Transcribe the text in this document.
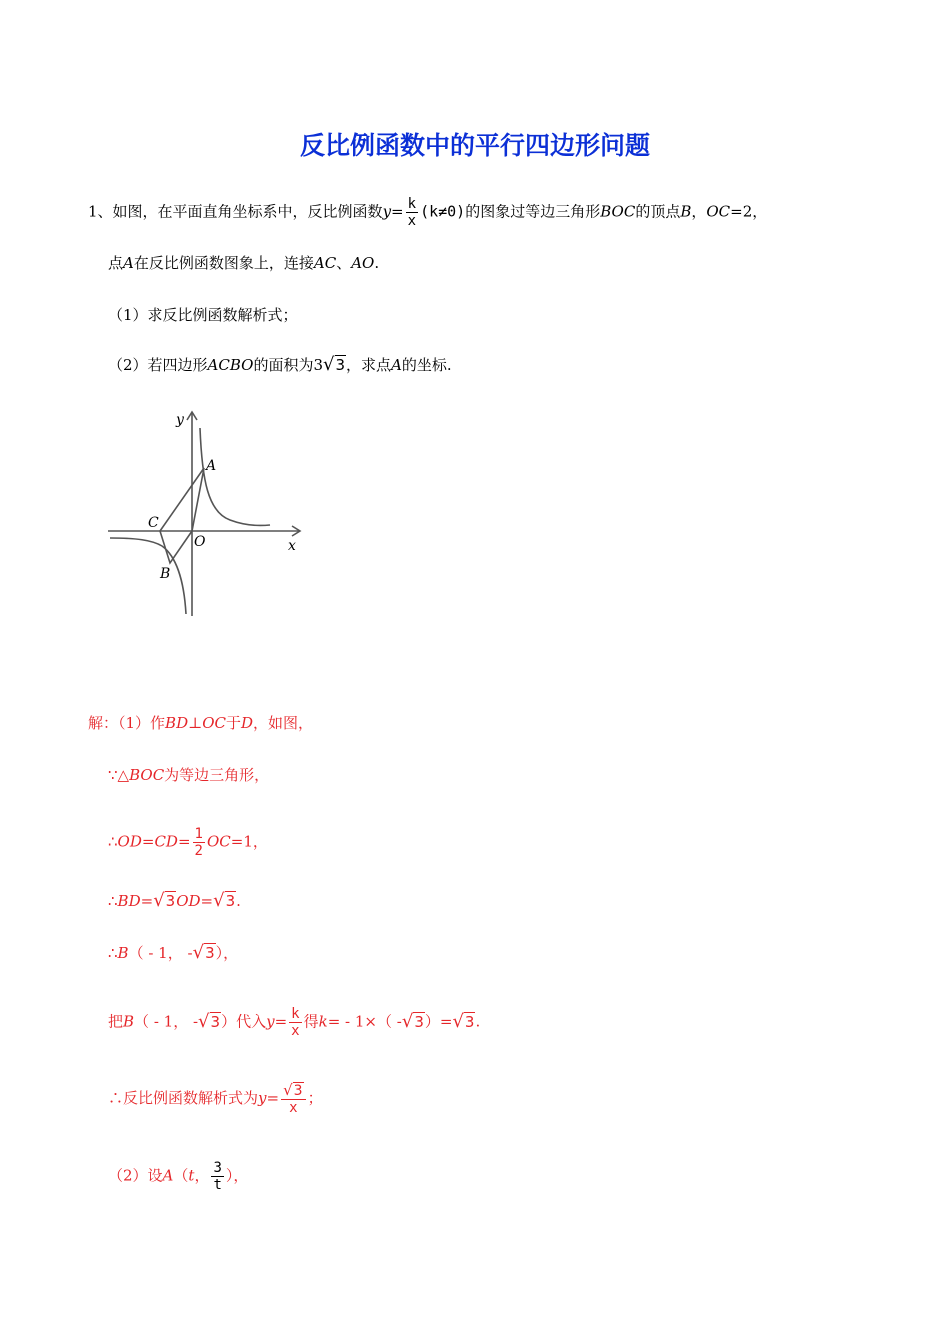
反比例函数中的平行四边形问题
1、如图，在平面直角坐标系中，反比例函数$y= \frac{k}{x} (k\ne 0)$的图象过等边三角形BOC的顶点B，OC=2，
点A在反比例函数图象上，连接AC、AO.
（1）求反比例函数解析式；
（2）若四边形ACBO的面积为3√3，求点A的坐标.
y
x
A
C
O
B
解：（1）作BD⊥OC于D，如图，
∵△BOC为等边三角形，
∴OD=CD= $\frac{1}{2} OC=1$，
∴BD=√3OD=√3.
∴B（ - 1， -√3），
把B（ - 1， -√3）代入$y= \frac{k}{x}$ 得k= - 1×（ -√3）=√3.
∴反比例函数解析式为$y= \frac{√3}{x}$ ；
（2）设A（t， $\frac{3}{t}$ ），
